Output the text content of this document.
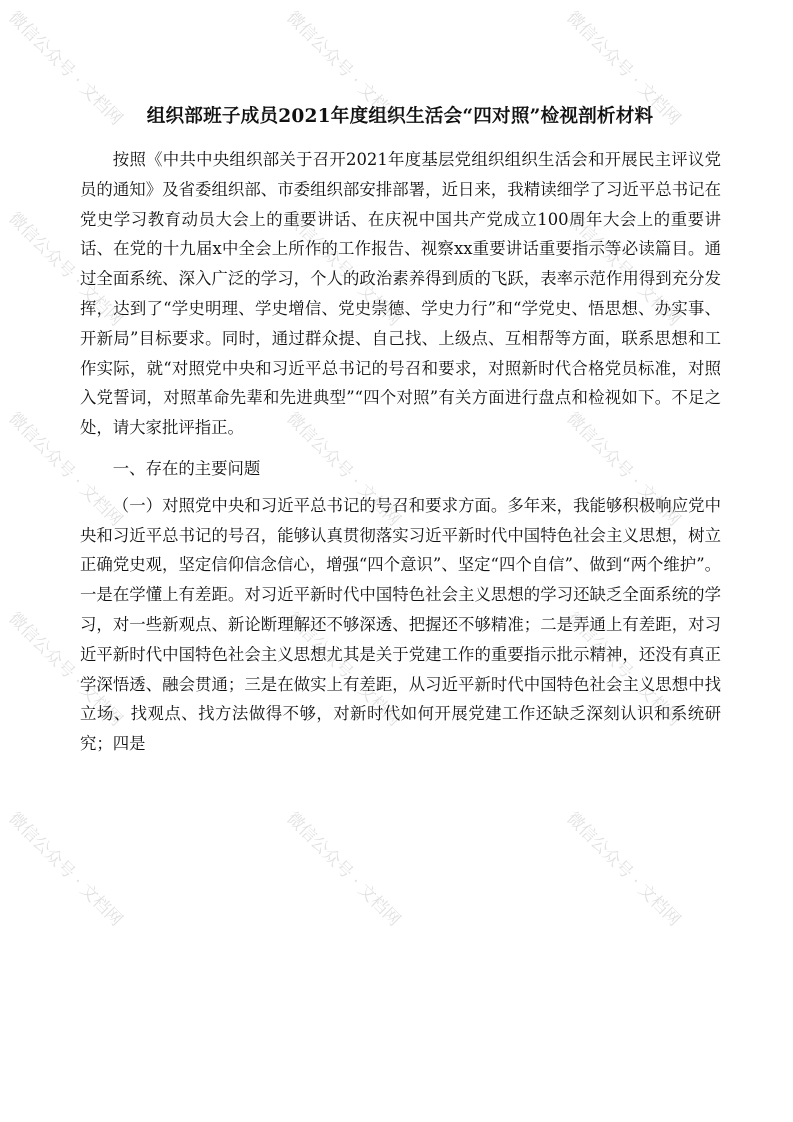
组织部班子成员2021年度组织生活会“四对照”检视剖析材料

按照《中共中央组织部关于召开2021年度基层党组织组织生活会和开展民主评议党员的通知》及省委组织部、市委组织部安排部署，近日来，我精读细学了习近平总书记在党史学习教育动员大会上的重要讲话、在庆祝中国共产党成立100周年大会上的重要讲话、在党的十九届x中全会上所作的工作报告、视察xx重要讲话重要指示等必读篇目。通过全面系统、深入广泛的学习，个人的政治素养得到质的飞跃，表率示范作用得到充分发挥，达到了“学史明理、学史增信、党史崇德、学史力行”和“学党史、悟思想、办实事、开新局”目标要求。同时，通过群众提、自己找、上级点、互相帮等方面，联系思想和工作实际，就“对照党中央和习近平总书记的号召和要求，对照新时代合格党员标准，对照入党誓词，对照革命先辈和先进典型”“四个对照”有关方面进行盘点和检视如下。不足之处，请大家批评指正。

一、存在的主要问题

（一）对照党中央和习近平总书记的号召和要求方面。多年来，我能够积极响应党中央和习近平总书记的号召，能够认真贯彻落实习近平新时代中国特色社会主义思想，树立正确党史观，坚定信仰信念信心，增强“四个意识”、坚定“四个自信”、做到“两个维护”。一是在学懂上有差距。对习近平新时代中国特色社会主义思想的学习还缺乏全面系统的学习，对一些新观点、新论断理解还不够深透、把握还不够精准；二是弄通上有差距，对习近平新时代中国特色社会主义思想尤其是关于党建工作的重要指示批示精神，还没有真正学深悟透、融会贯通；三是在做实上有差距，从习近平新时代中国特色社会主义思想中找立场、找观点、找方法做得不够，对新时代如何开展党建工作还缺乏深刻认识和系统研究；四是

微信公众号 · 文档网	微信公众号 · 文档网	微信公众号 · 文档网
微信公众号 · 文档网	微信公众号 · 文档网	微信公众号 · 文档网
微信公众号 · 文档网	微信公众号 · 文档网	微信公众号 · 文档网
微信公众号 · 文档网	微信公众号 · 文档网	微信公众号 · 文档网
微信公众号 · 文档网	微信公众号 · 文档网	微信公众号 · 文档网
